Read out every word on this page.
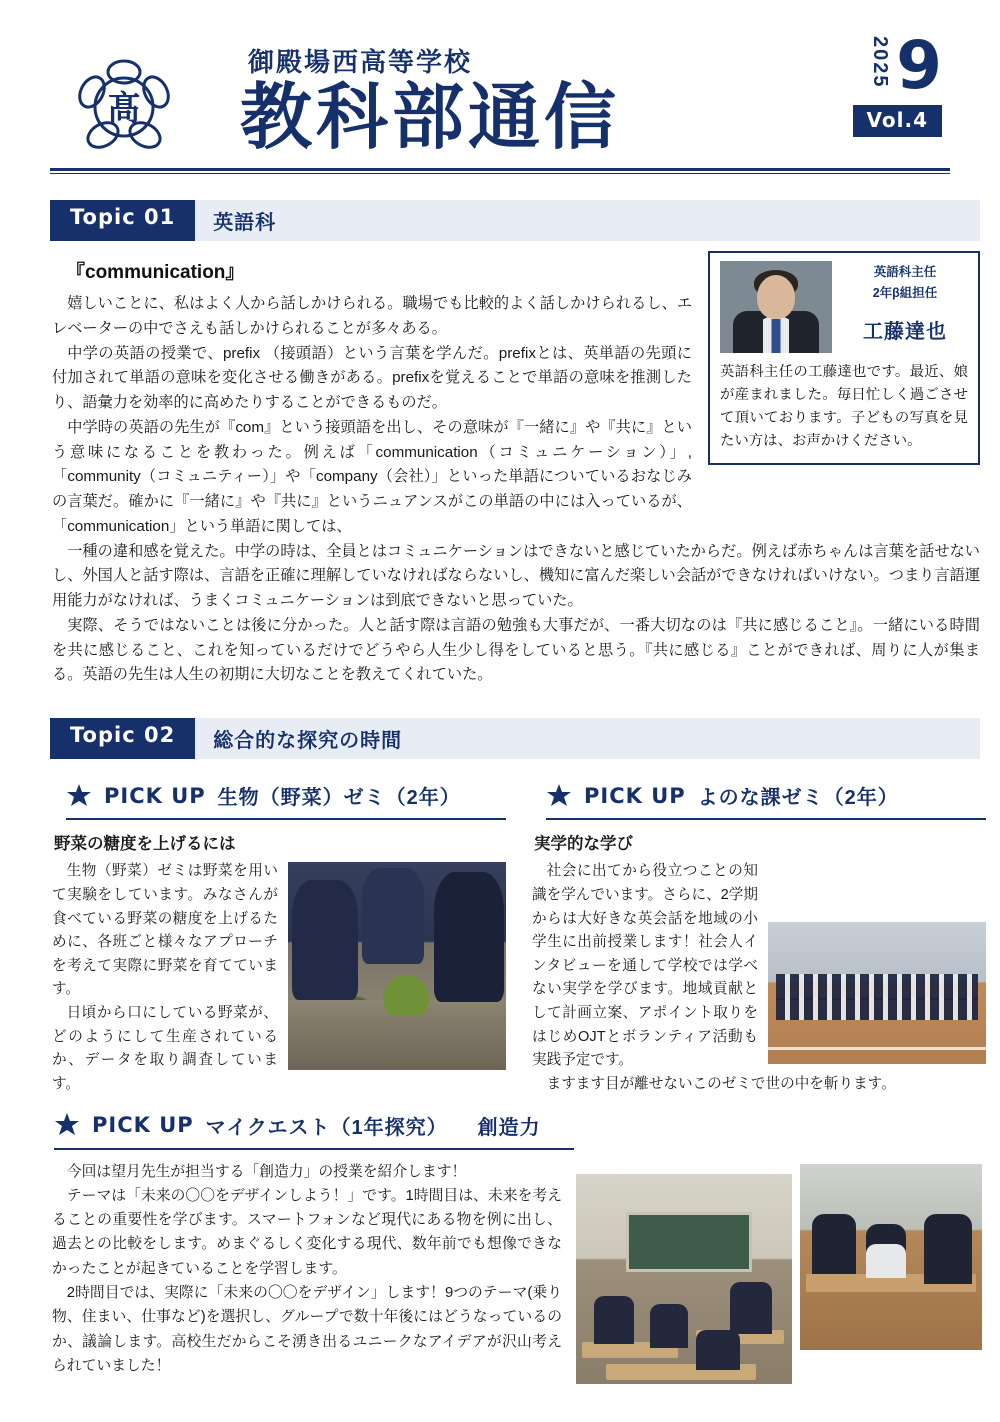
髙
御殿場西高等学校
教科部通信
2025 9
Vol.4
Topic 01	英語科
英語科主任
2年β組担任
工藤達也
英語科主任の工藤達也です。最近、娘が産まれました。毎日忙しく過ごさせて頂いております。子どもの写真を見たい方は、お声かけください。
『communication』

嬉しいことに、私はよく人から話しかけられる。職場でも比較的よく話しかけられるし、エレベーターの中でさえも話しかけられることが多々ある。

中学の英語の授業で、prefix （接頭語）という言葉を学んだ。prefixとは、英単語の先頭に付加されて単語の意味を変化させる働きがある。prefixを覚えることで単語の意味を推測したり、語彙力を効率的に高めたりすることができるものだ。

中学時の英語の先生が『com』という接頭語を出し、その意味が『一緒に』や『共に』という意味になることを教わった。例えば「communication（コミュニケーション）」,「community（コミュニティー）」や「company（会社）」といった単語についているおなじみの言葉だ。確かに『一緒に』や『共に』というニュアンスがこの単語の中には入っているが、「communication」という単語に関しては、

一種の違和感を覚えた。中学の時は、全員とはコミュニケーションはできないと感じていたからだ。例えば赤ちゃんは言葉を話せないし、外国人と話す際は、言語を正確に理解していなければならないし、機知に富んだ楽しい会話ができなければいけない。つまり言語運用能力がなければ、うまくコミュニケーションは到底できないと思っていた。

実際、そうではないことは後に分かった。人と話す際は言語の勉強も大事だが、一番大切なのは『共に感じること』。一緒にいる時間を共に感じること、これを知っているだけでどうやら人生少し得をしていると思う。『共に感じる』ことができれば、周りに人が集まる。英語の先生は人生の初期に大切なことを教えてくれていた。

Topic 02	総合的な探究の時間
PICK UP 生物（野菜）ゼミ（2年）
野菜の糖度を上げるには

生物（野菜）ゼミは野菜を用いて実験をしています。みなさんが食べている野菜の糖度を上げるために、各班ごと様々なアプローチを考えて実際に野菜を育てています。

日頃から口にしている野菜が、どのようにして生産されているか、データを取り調査しています。

PICK UP よのな課ゼミ（2年）
実学的な学び

社会に出てから役立つことの知識を学んでいます。さらに、2学期からは大好きな英会話を地域の小学生に出前授業します！社会人インタビューを通して学校では学べない実学を学びます。地域貢献として計画立案、アポイント取りをはじめOJTとボランティア活動も実践予定です。

ますます目が離せないこのゼミで世の中を斬ります。

PICK UP マイクエスト（1年探究） 創造力

今回は望月先生が担当する「創造力」の授業を紹介します！

テーマは「未来の〇〇をデザインしよう！」です。1時間目は、未来を考えることの重要性を学びます。スマートフォンなど現代にある物を例に出し、過去との比較をします。めまぐるしく変化する現代、数年前でも想像できなかったことが起きていることを学習します。

2時間目では、実際に「未来の〇〇をデザイン」します！9つのテーマ(乗り物、住まい、仕事など)を選択し、グループで数十年後にはどうなっているのか、議論します。高校生だからこそ湧き出るユニークなアイデアが沢山考えられていました！
